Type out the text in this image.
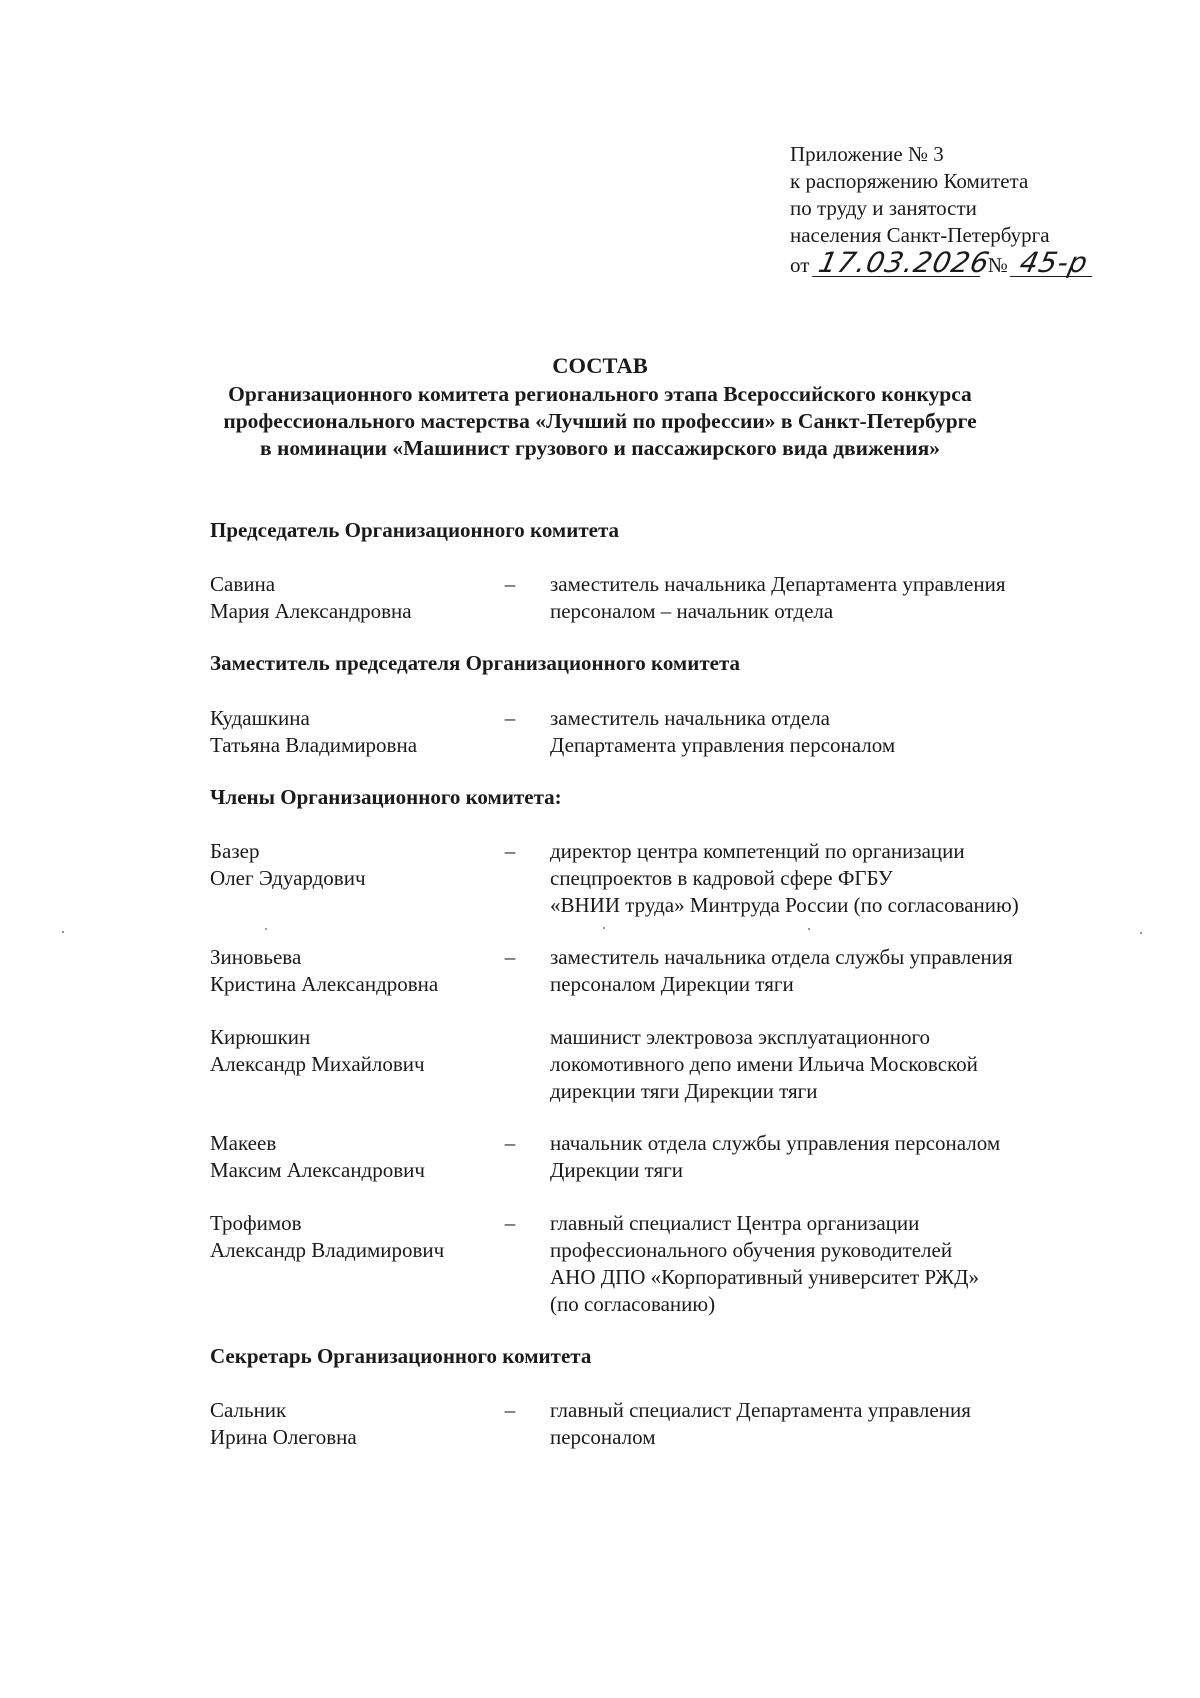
Приложение № 3
к распоряжению Комитета
по труду и занятости
населения Санкт-Петербурга
от 17.03.2026 № 45-р
СОСТАВ
Организационного комитета регионального этапа Всероссийского конкурса
профессионального мастерства «Лучший по профессии» в Санкт-Петербурге
в номинации «Машинист грузового и пассажирского вида движения»
Председатель Организационного комитета
Савина
Мария Александровна
–	заместитель начальника Департамента управления
персоналом – начальник отдела
Заместитель председателя Организационного комитета
Кудашкина
Татьяна Владимировна
–	заместитель начальника отдела
Департамента управления персоналом
Члены Организационного комитета:
Базер
Олег Эдуардович
–	директор центра компетенций по организации
спецпроектов в кадровой сфере ФГБУ
«ВНИИ труда» Минтруда России (по согласованию)
Зиновьева
Кристина Александровна
–	заместитель начальника отдела службы управления
персоналом Дирекции тяги
Кирюшкин
Александр Михайлович
машинист электровоза эксплуатационного
локомотивного депо имени Ильича Московской
дирекции тяги Дирекции тяги
Макеев
Максим Александрович
–	начальник отдела службы управления персоналом
Дирекции тяги
Трофимов
Александр Владимирович
–	главный специалист Центра организации
профессионального обучения руководителей
АНО ДПО «Корпоративный университет РЖД»
(по согласованию)
Секретарь Организационного комитета
Сальник
Ирина Олеговна
–	главный специалист Департамента управления
персоналом
